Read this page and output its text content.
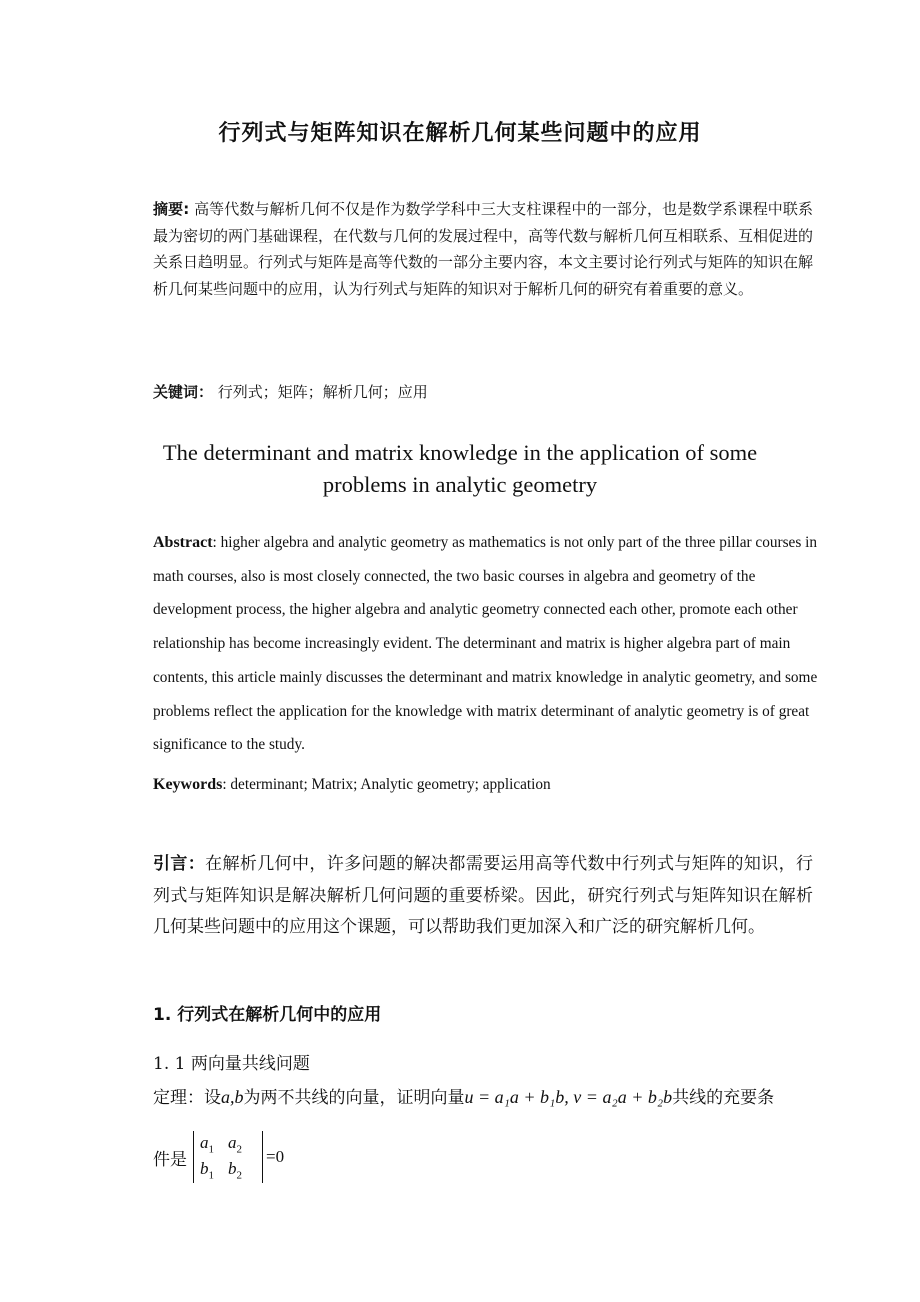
行列式与矩阵知识在解析几何某些问题中的应用
摘要: 高等代数与解析几何不仅是作为数学学科中三大支柱课程中的一部分，也是数学系课程中联系最为密切的两门基础课程，在代数与几何的发展过程中，高等代数与解析几何互相联系、互相促进的关系日趋明显。行列式与矩阵是高等代数的一部分主要内容，本文主要讨论行列式与矩阵的知识在解析几何某些问题中的应用，认为行列式与矩阵的知识对于解析几何的研究有着重要的意义。
关键词： 行列式；矩阵；解析几何；应用
The determinant and matrix knowledge in the application of some problems in analytic geometry
Abstract: higher algebra and analytic geometry as mathematics is not only part of the three pillar courses in math courses, also is most closely connected, the two basic courses in algebra and geometry of the development process, the higher algebra and analytic geometry connected each other, promote each other relationship has become increasingly evident. The determinant and matrix is higher algebra part of main contents, this article mainly discusses the determinant and matrix knowledge in analytic geometry, and some problems reflect the application for the knowledge with matrix determinant of analytic geometry is of great significance to the study.
Keywords: determinant; Matrix; Analytic geometry; application
引言：在解析几何中，许多问题的解决都需要运用高等代数中行列式与矩阵的知识，行列式与矩阵知识是解决解析几何问题的重要桥梁。因此，研究行列式与矩阵知识在解析几何某些问题中的应用这个课题，可以帮助我们更加深入和广泛的研究解析几何。
1. 行列式在解析几何中的应用
1. 1 两向量共线问题
定理：设a,b为两不共线的向量，证明向量u = a₁a + b₁b, v = a₂a + b₂b共线的充要条
件是
$a_1$ $a_2$
$b_1$ $b_2$
=0
